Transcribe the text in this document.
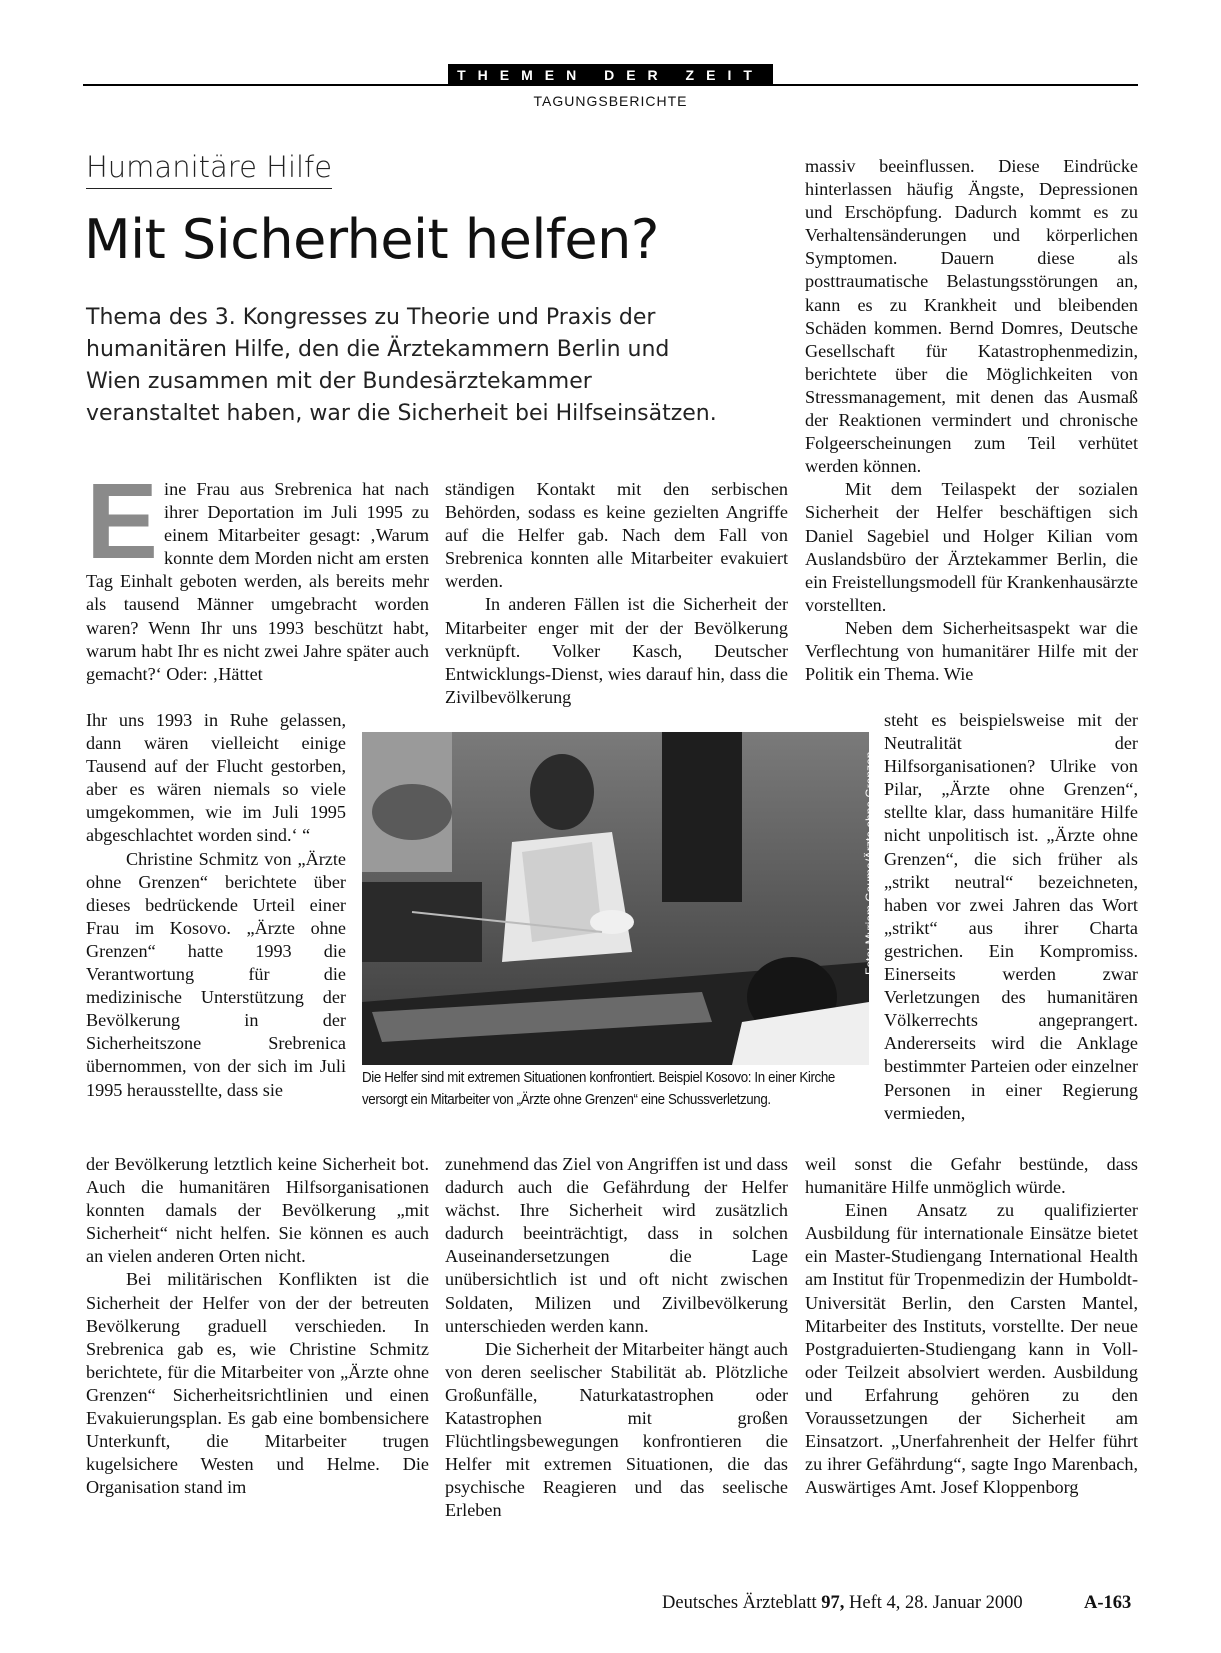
THEMEN DER ZEIT
TAGUNGSBERICHTE
Humanitäre Hilfe
Mit Sicherheit helfen?
Thema des 3. Kongresses zu Theorie und Praxis der humanitären Hilfe, den die Ärztekammern Berlin und Wien zusammen mit der Bundesärztekammer veranstaltet haben, war die Sicherheit bei Hilfseinsätzen.

Eine Frau aus Srebrenica hat nach ihrer Deportation im Juli 1995 zu einem Mitarbeiter gesagt: ‚Warum konnte dem Morden nicht am ersten Tag Einhalt geboten werden, als bereits mehr als tausend Männer umgebracht worden waren? Wenn Ihr uns 1993 beschützt habt, warum habt Ihr es nicht zwei Jahre später auch gemacht?‘ Oder: ‚Hättet

Ihr uns 1993 in Ruhe gelassen, dann wären vielleicht einige Tausend auf der Flucht gestorben, aber es wären niemals so viele umgekommen, wie im Juli 1995 abgeschlachtet worden sind.‘ “

Christine Schmitz von „Ärzte ohne Grenzen“ berichtete über dieses bedrückende Urteil einer Frau im Kosovo. „Ärzte ohne Grenzen“ hatte 1993 die Verantwortung für die medizinische Unterstützung der Bevölkerung in der Sicherheitszone Srebrenica übernommen, von der sich im Juli 1995 herausstellte, dass sie

der Bevölkerung letztlich keine Sicherheit bot. Auch die humanitären Hilfsorganisationen konnten damals der Bevölkerung „mit Sicherheit“ nicht helfen. Sie können es auch an vielen anderen Orten nicht.

Bei militärischen Konflikten ist die Sicherheit der Helfer von der der betreuten Bevölkerung graduell verschieden. In Srebrenica gab es, wie Christine Schmitz berichtete, für die Mitarbeiter von „Ärzte ohne Grenzen“ Sicherheitsrichtlinien und einen Evakuierungsplan. Es gab eine bombensichere Unterkunft, die Mitarbeiter trugen kugelsichere Westen und Helme. Die Organisation stand im

ständigen Kontakt mit den serbischen Behörden, sodass es keine gezielten Angriffe auf die Helfer gab. Nach dem Fall von Srebrenica konnten alle Mitarbeiter evakuiert werden.

In anderen Fällen ist die Sicherheit der Mitarbeiter enger mit der der Bevölkerung verknüpft. Volker Kasch, Deutscher Entwicklungs-Dienst, wies darauf hin, dass die Zivilbevölkerung

zunehmend das Ziel von Angriffen ist und dass dadurch auch die Gefährdung der Helfer wächst. Ihre Sicherheit wird zusätzlich dadurch beeinträchtigt, dass in solchen Auseinandersetzungen die Lage unübersichtlich ist und oft nicht zwischen Soldaten, Milizen und Zivilbevölkerung unterschieden werden kann.

Die Sicherheit der Mitarbeiter hängt auch von deren seelischer Stabilität ab. Plötzliche Großunfälle, Naturkatastrophen oder Katastrophen mit großen Flüchtlingsbewegungen konfrontieren die Helfer mit extremen Situationen, die das psychische Reagieren und das seelische Erleben

massiv beeinflussen. Diese Eindrücke hinterlassen häufig Ängste, Depressionen und Erschöpfung. Dadurch kommt es zu Verhaltensänderungen und körperlichen Symptomen. Dauern diese als posttraumatische Belastungsstörungen an, kann es zu Krankheit und bleibenden Schäden kommen. Bernd Domres, Deutsche Gesellschaft für Katastrophenmedizin, berichtete über die Möglichkeiten von Stressmanagement, mit denen das Ausmaß der Reaktionen vermindert und chronische Folgeerscheinungen zum Teil verhütet werden können.

Mit dem Teilaspekt der sozialen Sicherheit der Helfer beschäftigen sich Daniel Sagebiel und Holger Kilian vom Auslandsbüro der Ärztekammer Berlin, die ein Freistellungsmodell für Krankenhausärzte vorstellten.

Neben dem Sicherheitsaspekt war die Verflechtung von humanitärer Hilfe mit der Politik ein Thema. Wie

steht es beispielsweise mit der Neutralität der Hilfsorganisationen? Ulrike von Pilar, „Ärzte ohne Grenzen“, stellte klar, dass humanitäre Hilfe nicht unpolitisch ist. „Ärzte ohne Grenzen“, die sich früher als „strikt neutral“ bezeichneten, haben vor zwei Jahren das Wort „strikt“ aus ihrer Charta gestrichen. Ein Kompromiss. Einerseits werden zwar Verletzungen des humanitären Völkerrechts angeprangert. Andererseits wird die Anklage bestimmter Parteien oder einzelner Personen in einer Regierung vermieden,

weil sonst die Gefahr bestünde, dass humanitäre Hilfe unmöglich würde.

Einen Ansatz zu qualifizierter Ausbildung für internationale Einsätze bietet ein Master-Studiengang International Health am Institut für Tropenmedizin der Humboldt-Universität Berlin, den Carsten Mantel, Mitarbeiter des Instituts, vorstellte. Der neue Postgraduierten-Studiengang kann in Voll- oder Teilzeit absolviert werden. Ausbildung und Erfahrung gehören zu den Voraussetzungen der Sicherheit am Einsatzort. „Unerfahrenheit der Helfer führt zu ihrer Gefährdung“, sagte Ingo Marenbach, Auswärtiges Amt. Josef Kloppenborg

Foto: Myriam Gaume/Ärzte ohne Grenzen
Die Helfer sind mit extremen Situationen konfrontiert. Beispiel Kosovo: In einer Kirche versorgt ein Mitarbeiter von „Ärzte ohne Grenzen“ eine Schussverletzung.
Deutsches Ärzteblatt 97, Heft 4, 28. Januar 2000	A-163
